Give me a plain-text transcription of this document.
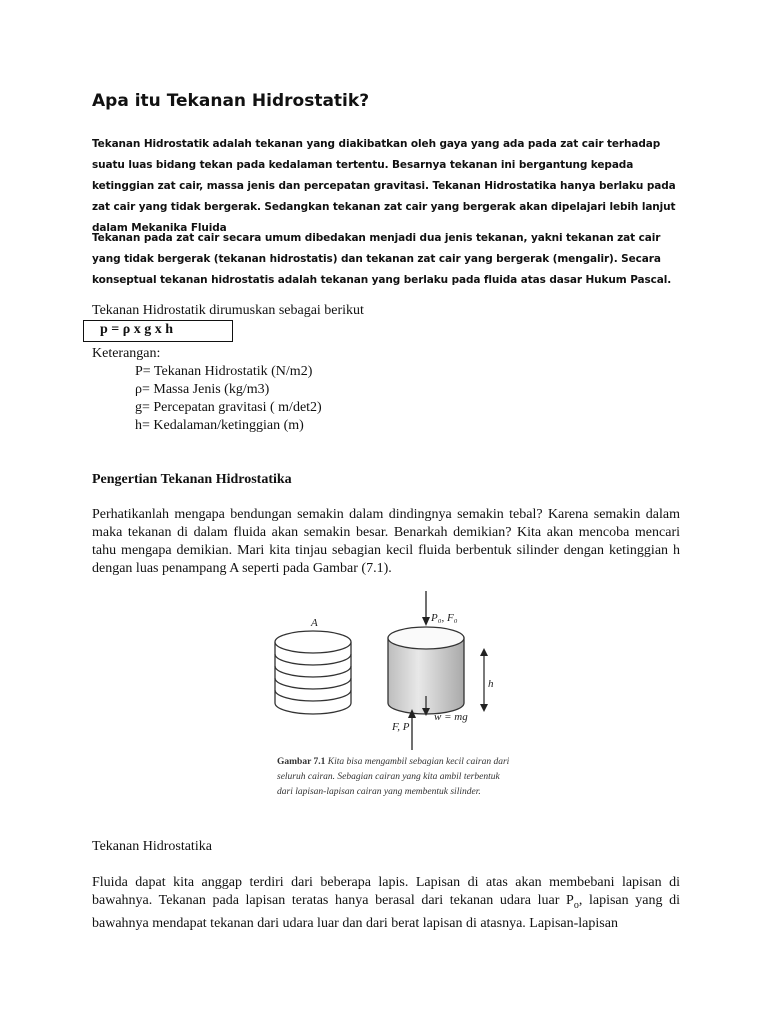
Apa itu Tekanan Hidrostatik?

Tekanan Hidrostatik adalah tekanan yang diakibatkan oleh gaya yang ada pada zat cair terhadap suatu luas bidang tekan pada kedalaman tertentu. Besarnya tekanan ini bergantung kepada ketinggian zat cair, massa jenis dan percepatan gravitasi. Tekanan Hidrostatika hanya berlaku pada zat cair yang tidak bergerak. Sedangkan tekanan zat cair yang bergerak akan dipelajari lebih lanjut dalam Mekanika Fluida

Tekanan pada zat cair secara umum dibedakan menjadi dua jenis tekanan, yakni tekanan zat cair yang tidak bergerak (tekanan hidrostatis) dan tekanan zat cair yang bergerak (mengalir). Secara konseptual tekanan hidrostatis adalah tekanan yang berlaku pada fluida atas dasar Hukum Pascal.

Tekanan Hidrostatik dirumuskan sebagai berikut
p = ρ x g x h
Keterangan:
P= Tekanan Hidrostatik (N/m2)
ρ= Massa Jenis (kg/m3)
g= Percepatan gravitasi ( m/det2)
h= Kedalaman/ketinggian (m)
Pengertian Tekanan Hidrostatika

Perhatikanlah mengapa bendungan semakin dalam dindingnya semakin tebal? Karena semakin dalam maka tekanan di dalam fluida akan semakin besar. Benarkah demikian? Kita akan mencoba mencari tahu mengapa demikian. Mari kita tinjau sebagian kecil fluida berbentuk silinder dengan ketinggian h dengan luas penampang A seperti pada Gambar (7.1).

A	P₀, F₀
h
w = mg
F, P
Gambar 7.1 Kita bisa mengambil sebagian kecil cairan dari seluruh cairan. Sebagian cairan yang kita ambil terbentuk dari lapisan-lapisan cairan yang membentuk silinder.
Tekanan Hidrostatika

Fluida dapat kita anggap terdiri dari beberapa lapis. Lapisan di atas akan membebani lapisan di bawahnya. Tekanan pada lapisan teratas hanya berasal dari tekanan udara luar $P_o$, lapisan yang di bawahnya mendapat tekanan dari udara luar dan dari berat lapisan di atasnya. Lapisan-lapisan
